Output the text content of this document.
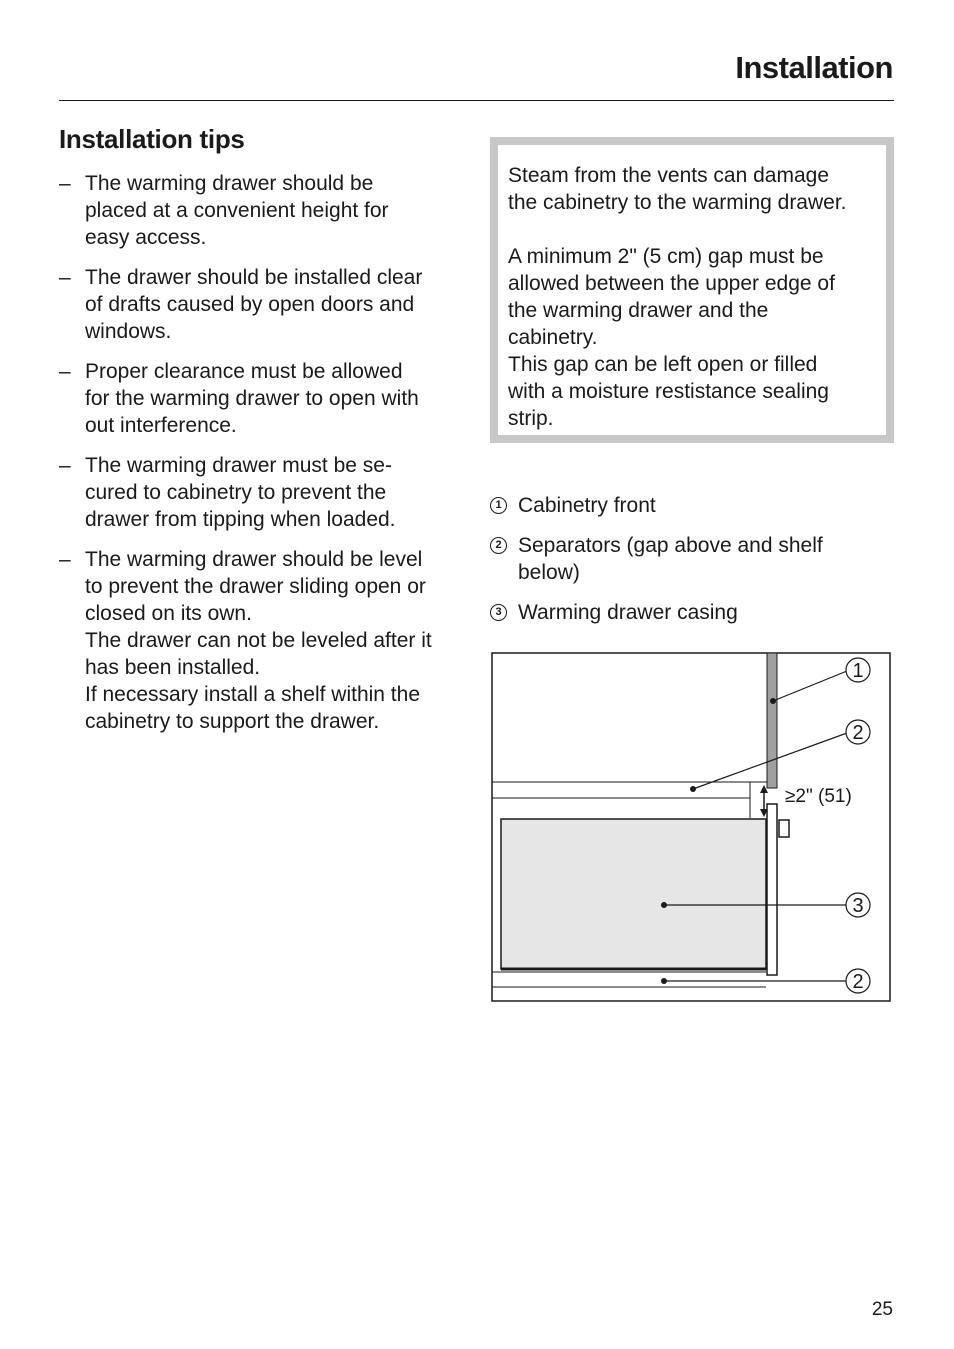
Installation
Installation tips
– The warming drawer should be
placed at a convenient height for
easy access.
– The drawer should be installed clear
of drafts caused by open doors and
windows.
– Proper clearance must be allowed
for the warming drawer to open with
out interference.
– The warming drawer must be se-
cured to cabinetry to prevent the
drawer from tipping when loaded.
– The warming drawer should be level
to prevent the drawer sliding open or
closed on its own.
The drawer can not be leveled after it
has been installed.
If necessary install a shelf within the
cabinetry to support the drawer.
Steam from the vents can damage
the cabinetry to the warming drawer.
A minimum 2" (5 cm) gap must be
allowed between the upper edge of
the warming drawer and the
cabinetry.
This gap can be left open or filled
with a moisture restistance sealing
strip.
1 Cabinetry front
2 Separators (gap above and shelf
below)
3 Warming drawer casing
≥2" (51)
1
2
3
2
25
